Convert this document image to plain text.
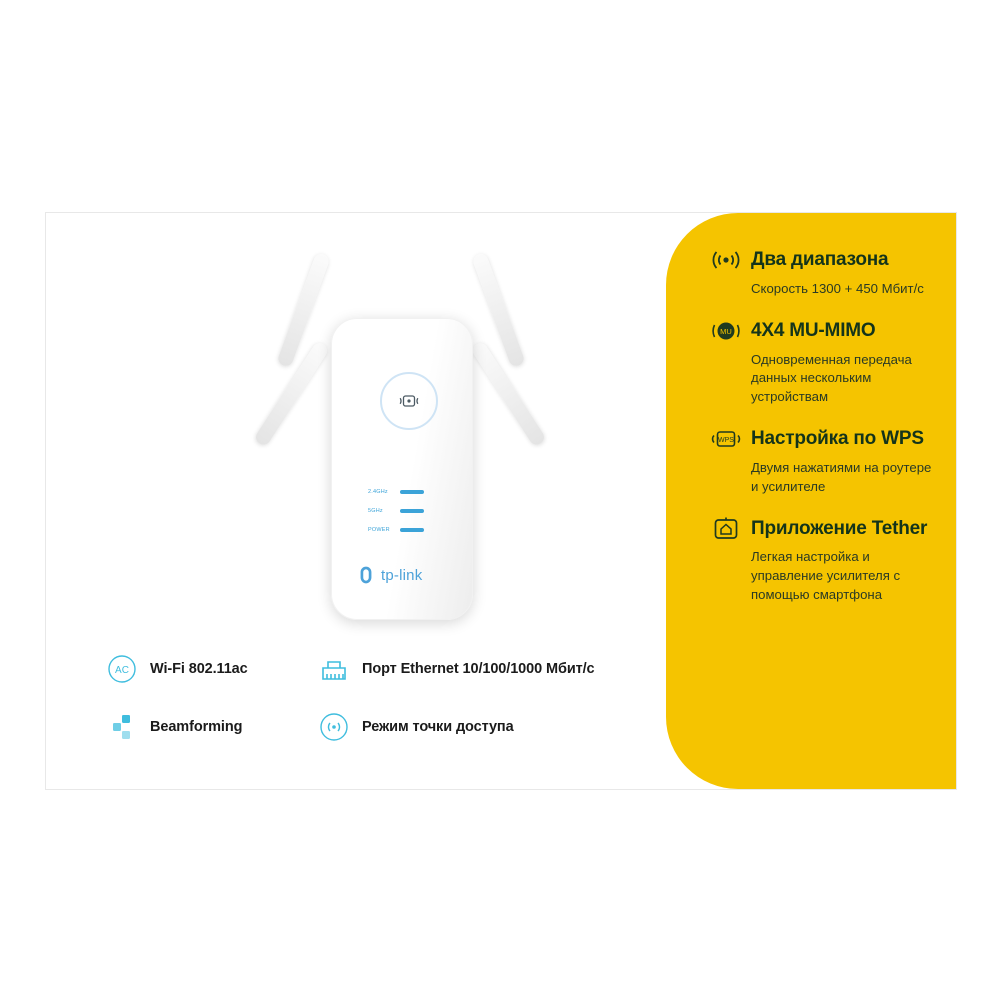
2.4GHz
5GHz
POWER
tp-link
AC Wi-Fi 802.11ac	Порт Ethernet 10/100/1000 Мбит/с
Beamforming	Режим точки доступа
Два диапазона
Скорость 1300 + 450 Мбит/с
MU 4X4 MU-MIMO
Одновременная передача данных нескольким устройствам
WPS Настройка по WPS
Двумя нажатиями на роутере и усилителе
Приложение Tether
Легкая настройка и управление усилителя с помощью смартфона
